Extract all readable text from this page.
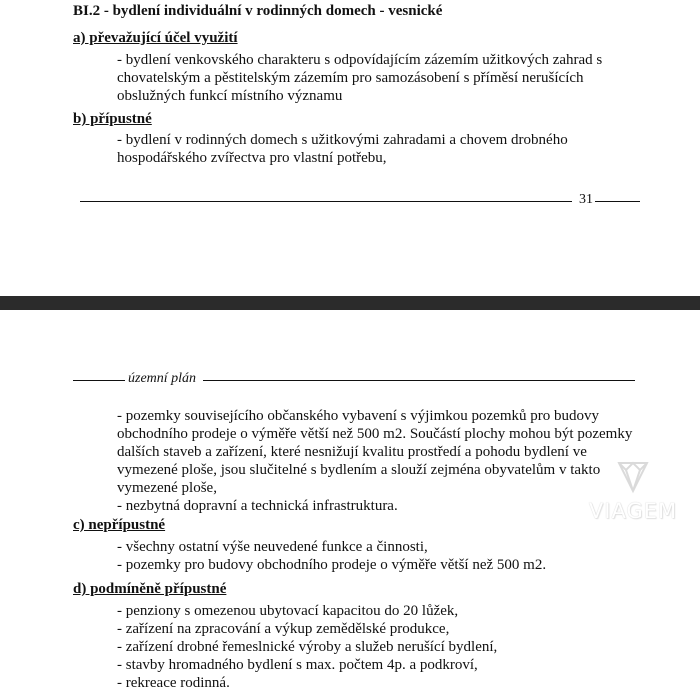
BI.2 - bydlení individuální v rodinných domech - vesnické
a) převažující účel využití
- bydlení venkovského charakteru s odpovídajícím zázemím užitkových zahrad s
chovatelským a pěstitelským zázemím pro samozásobení s příměsí nerušících
obslužných funkcí místního významu
b) přípustné
- bydlení v rodinných domech s užitkovými zahradami a chovem drobného
hospodářského zvířectva pro vlastní potřebu,
31
územní plán
- pozemky souvisejícího občanského vybavení s výjimkou pozemků pro budovy
obchodního prodeje o výměře větší než 500 m2. Součástí plochy mohou být pozemky
dalších staveb a zařízení, které nesnižují kvalitu prostředí a pohodu bydlení ve
vymezené ploše, jsou slučitelné s bydlením a slouží zejména obyvatelům v takto
vymezené ploše,
- nezbytná dopravní a technická infrastruktura.
c) nepřípustné
- všechny ostatní výše neuvedené funkce a činnosti,
- pozemky pro budovy obchodního prodeje o výměře větší než 500 m2.
d) podmíněně přípustné
- penziony s omezenou ubytovací kapacitou do 20 lůžek,
- zařízení na zpracování a výkup zemědělské produkce,
- zařízení drobné řemeslnické výroby a služeb nerušící bydlení,
- stavby hromadného bydlení s max. počtem 4p. a podkroví,
- rekreace rodinná.
VIAGEM
